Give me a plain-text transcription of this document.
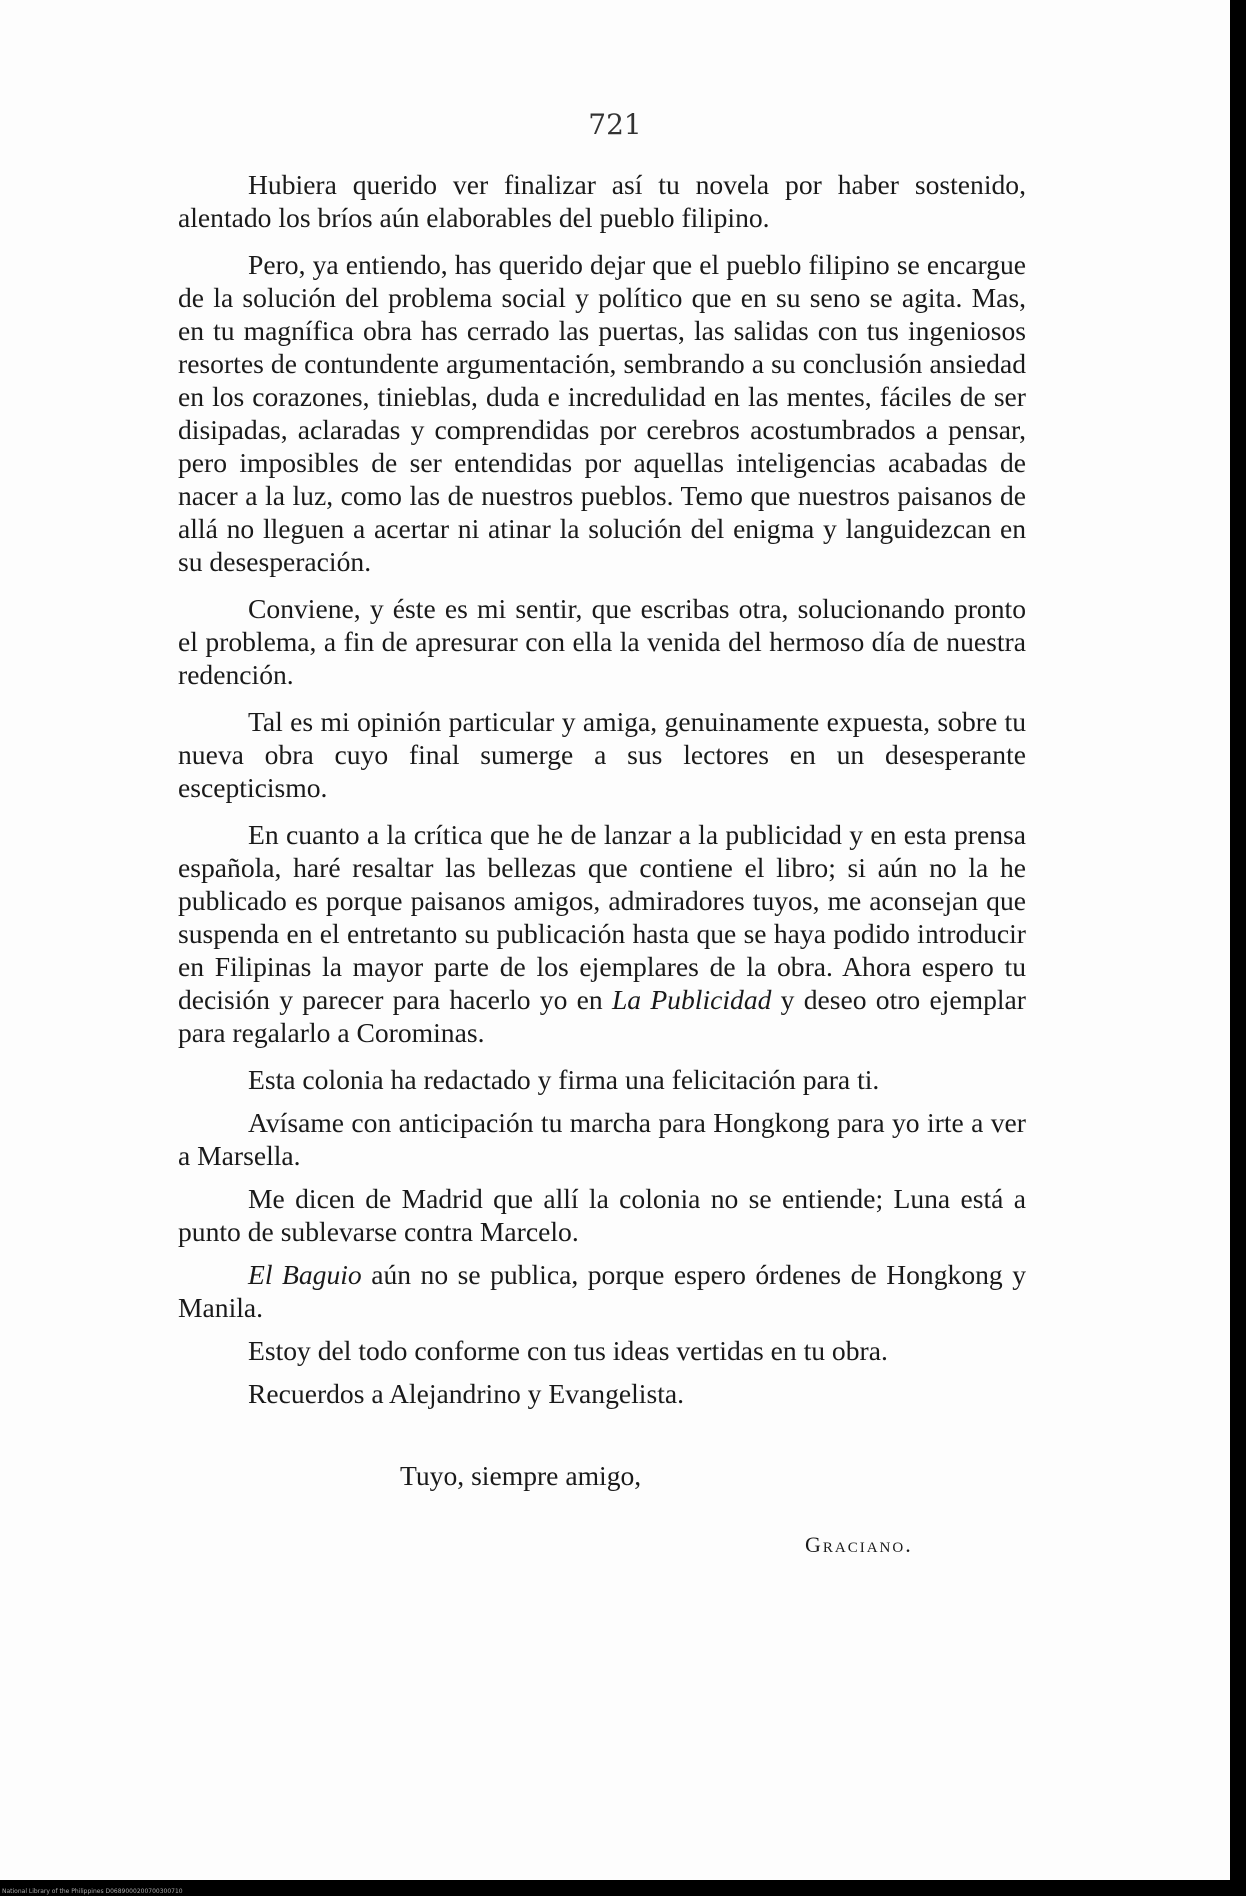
721

Hubiera querido ver finalizar así tu novela por haber sostenido, alentado los bríos aún elaborables del pueblo filipino.

Pero, ya entiendo, has querido dejar que el pueblo filipino se encargue de la solución del problema social y político que en su seno se agita. Mas, en tu magnífica obra has cerrado las puertas, las salidas con tus ingeniosos resortes de contundente argumentación, sembrando a su conclusión ansiedad en los corazones, tinieblas, duda e incredulidad en las mentes, fáciles de ser disipadas, aclaradas y comprendidas por cerebros acostumbrados a pensar, pero imposibles de ser entendidas por aquellas inteligencias acabadas de nacer a la luz, como las de nuestros pueblos. Temo que nuestros paisanos de allá no lleguen a acertar ni atinar la solución del enigma y languidezcan en su desesperación.

Conviene, y éste es mi sentir, que escribas otra, solucionando pronto el problema, a fin de apresurar con ella la venida del hermoso día de nuestra redención.

Tal es mi opinión particular y amiga, genuinamente expuesta, sobre tu nueva obra cuyo final sumerge a sus lectores en un desesperante escepticismo.

En cuanto a la crítica que he de lanzar a la publicidad y en esta prensa española, haré resaltar las bellezas que contiene el libro; si aún no la he publicado es porque paisanos amigos, admiradores tuyos, me aconsejan que suspenda en el entretanto su publicación hasta que se haya podido introducir en Filipinas la mayor parte de los ejemplares de la obra. Ahora espero tu decisión y parecer para hacerlo yo en La Publicidad y deseo otro ejemplar para regalarlo a Corominas.

Esta colonia ha redactado y firma una felicitación para ti.

Avísame con anticipación tu marcha para Hongkong para yo irte a ver a Marsella.

Me dicen de Madrid que allí la colonia no se entiende; Luna está a punto de sublevarse contra Marcelo.

El Baguio aún no se publica, porque espero órdenes de Hongkong y Manila.

Estoy del todo conforme con tus ideas vertidas en tu obra.

Recuerdos a Alejandrino y Evangelista.

Tuyo, siempre amigo,
Graciano.
National Library of the Philippines D0689000200700300710
